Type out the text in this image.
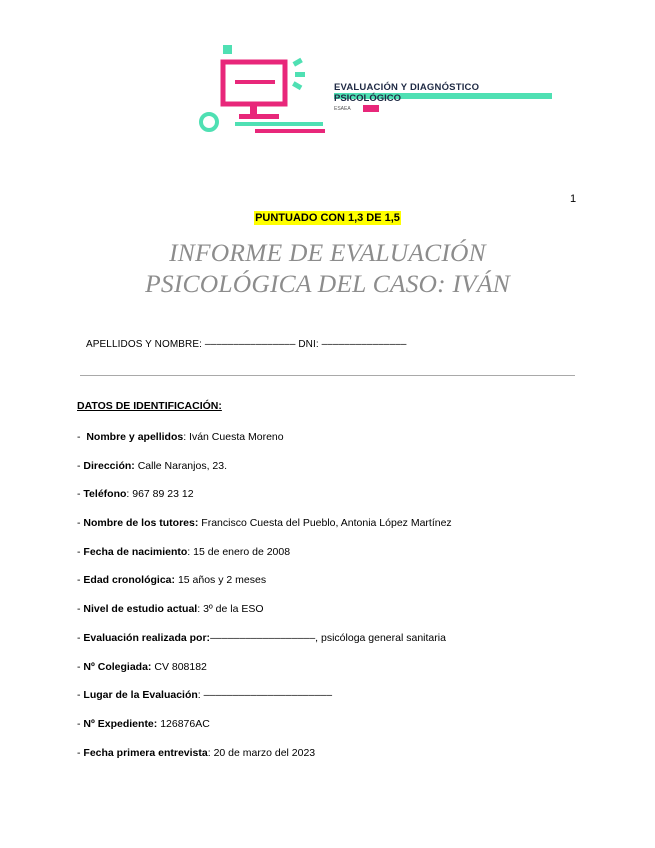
EVALUACIÓN Y DIAGNÓSTICO
PSICOLÓGICO
ESAEA
1
PUNTUADO CON 1,3 DE 1,5
INFORME DE EVALUACIÓN
PSICOLÓGICA DEL CASO: IVÁN
APELLIDOS Y NOMBRE: –––––––––––––––– DNI: –––––––––––––––
DATOS DE IDENTIFICACIÓN:
-  Nombre y apellidos: Iván Cuesta Moreno
- Dirección: Calle Naranjos, 23.
- Teléfono: 967 89 23 12
- Nombre de los tutores: Francisco Cuesta del Pueblo, Antonia López Martínez
- Fecha de nacimiento: 15 de enero de 2008
- Edad cronológica: 15 años y 2 meses
- Nivel de estudio actual: 3º de la ESO
- Evaluación realizada por:––––––––––––––––––, psicóloga general sanitaria
- Nº Colegiada: CV 808182
- Lugar de la Evaluación: ––––––––––––––––––––––
- Nº Expediente: 126876AC
- Fecha primera entrevista: 20 de marzo del 2023
